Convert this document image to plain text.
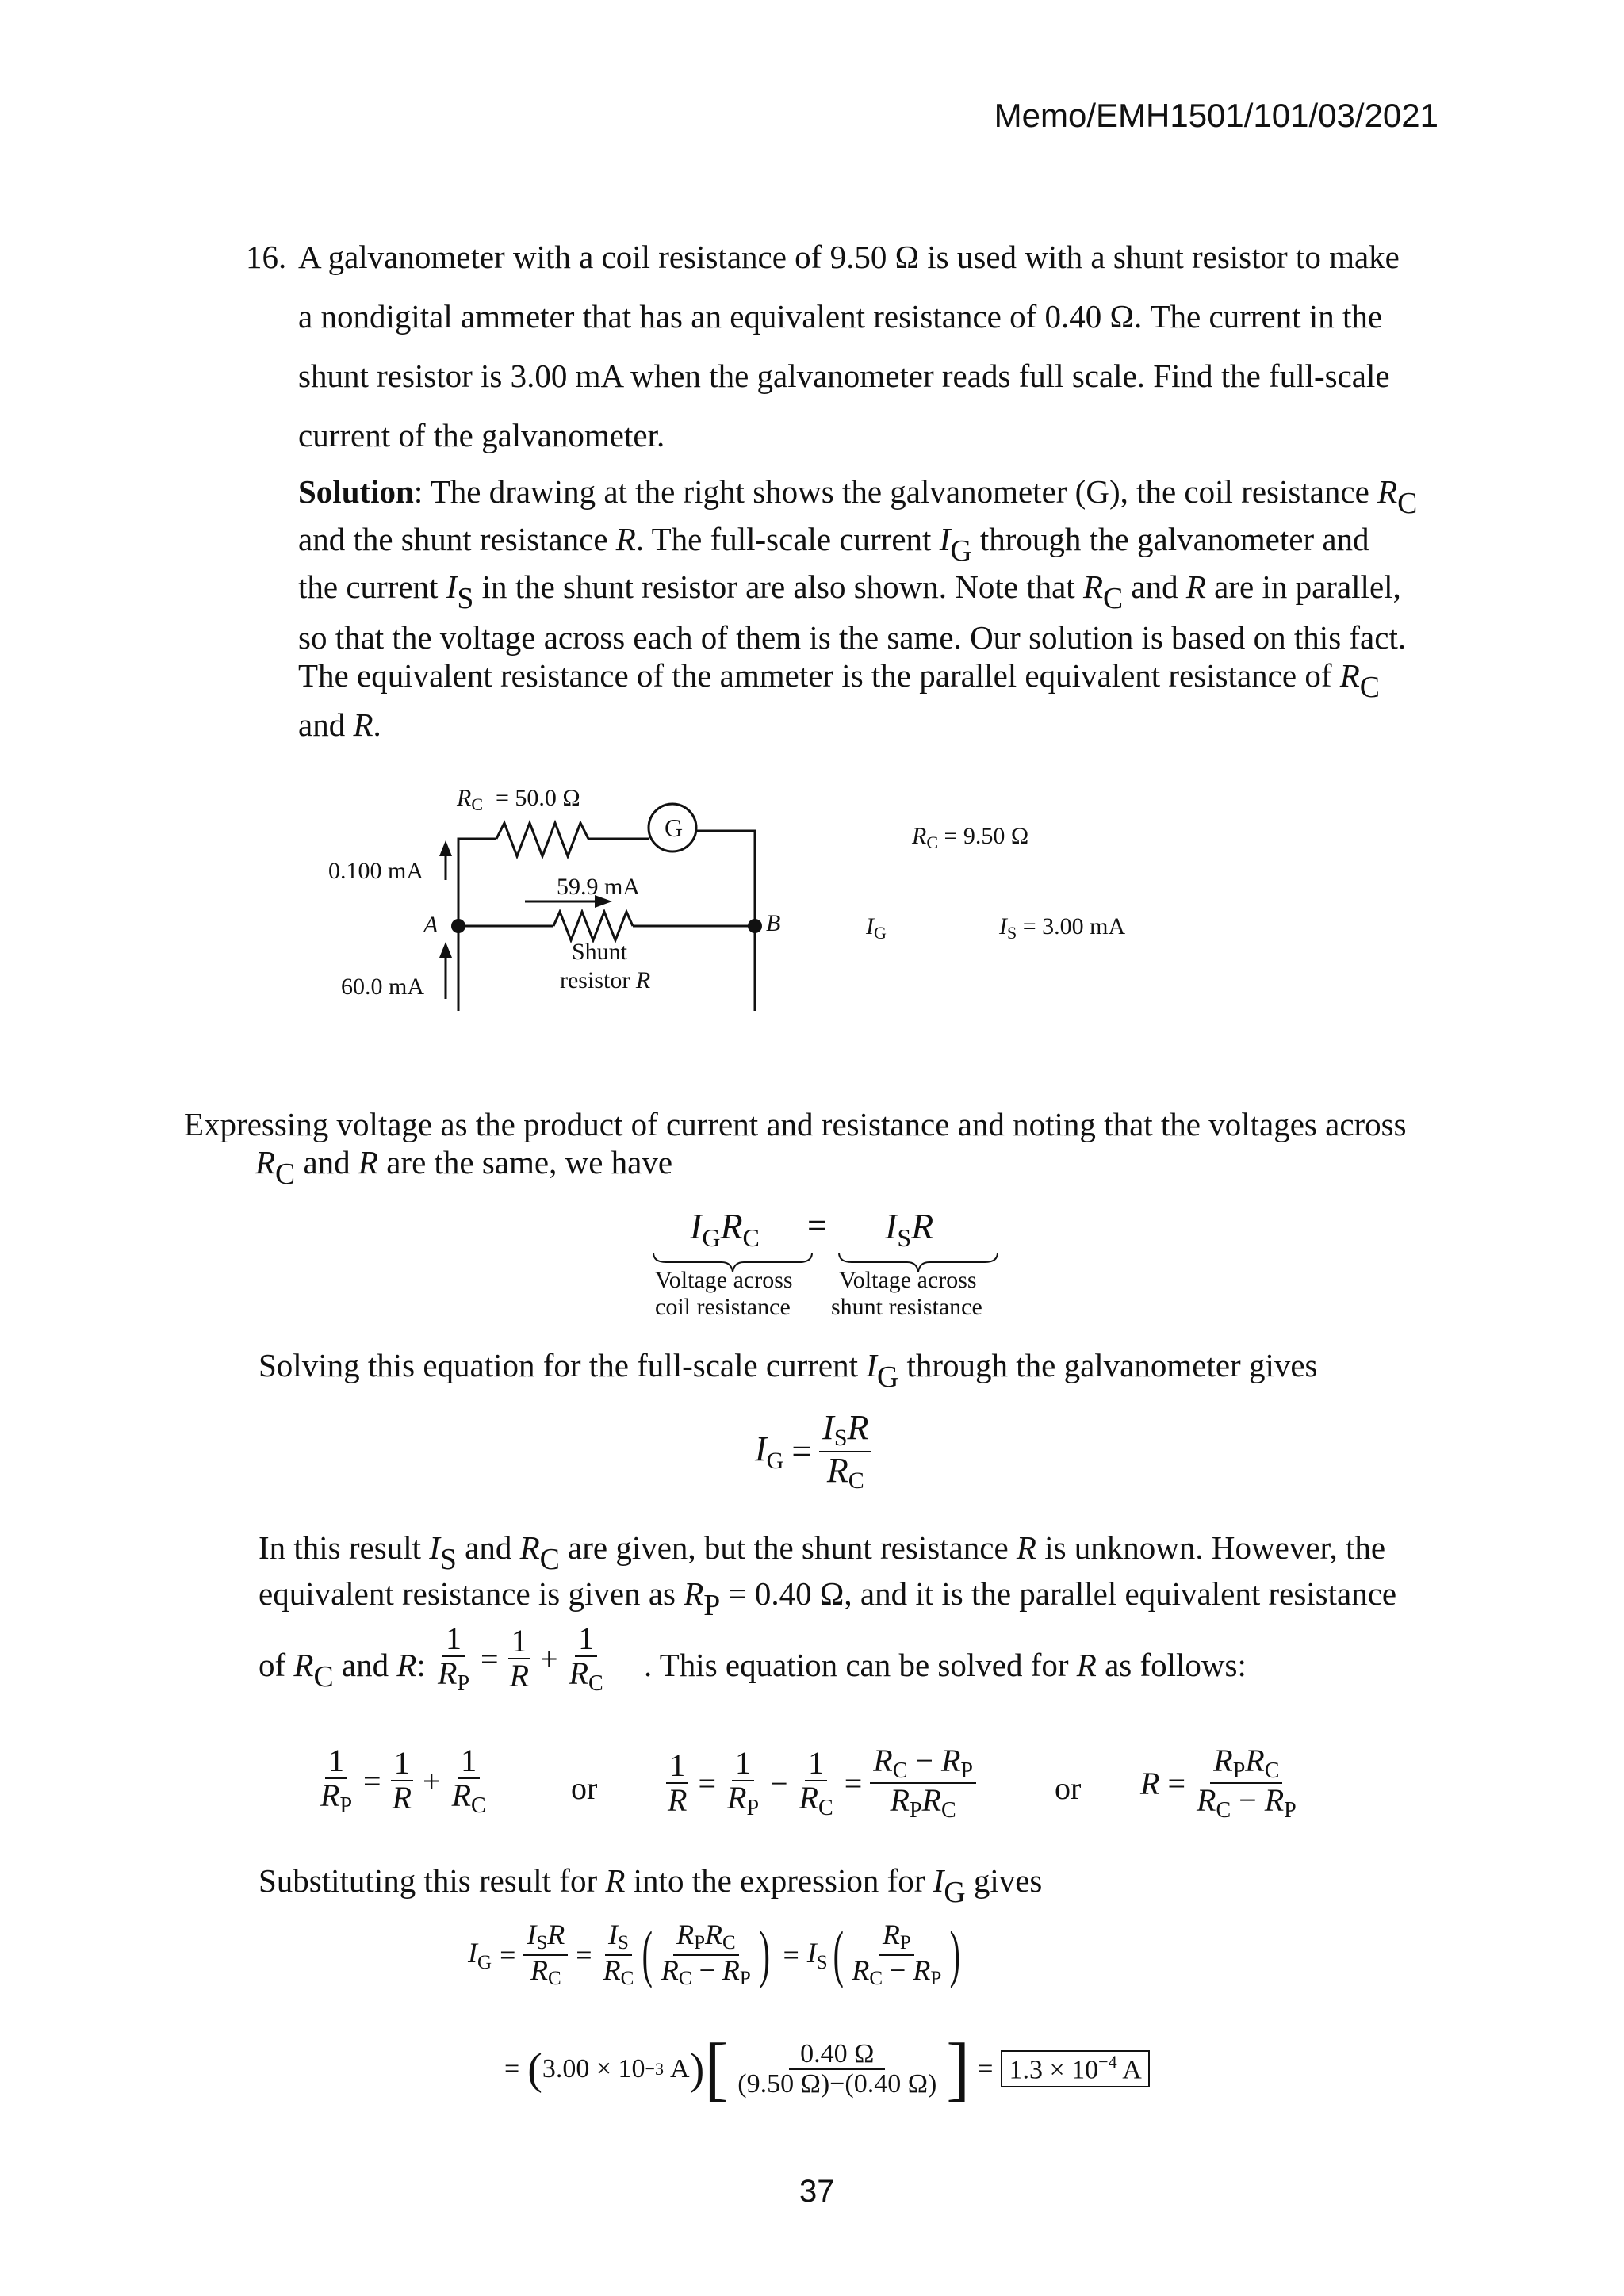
Memo/EMH1501/101/03/2021
16. A galvanometer with a coil resistance of 9.50 Ω is used with a shunt resistor to make
a nondigital ammeter that has an equivalent resistance of 0.40 Ω. The current in the
shunt resistor is 3.00 mA when the galvanometer reads full scale. Find the full-scale
current of the galvanometer.
Solution: The drawing at the right shows the galvanometer (G), the coil resistance RC
and the shunt resistance R. The full-scale current IG through the galvanometer and
the current IS in the shunt resistor are also shown. Note that RC and R are in parallel,
so that the voltage across each of them is the same. Our solution is based on this fact.
The equivalent resistance of the ammeter is the parallel equivalent resistance of RC
and R.
$R_C = 50.0$ Ω
G
0.100 mA
59.9 mA
A	B
Shunt
resistor R
60.0 mA
$R_C = 9.50$ Ω
$I_G$	$I_S = 3.00$ mA
Expressing voltage as the product of current and resistance and noting that the voltages across
RC and R are the same, we have
$I_GR_C = I_SR$
Voltage across
coil resistance
Voltage across
shunt resistance
Solving this equation for the full-scale current IG through the galvanometer gives
$I_G = \frac{\text{ISR}}{RC}$
In this result IS and RC are given, but the shunt resistance R is unknown. However, the
equivalent resistance is given as RP = 0.40 Ω, and it is the parallel equivalent resistance
of RC and R: $\frac{1}{R_P} = \frac{1}{R} + \frac{1}{R_C}$ . This equation can be solved for R as follows:
$\frac{1}{R_P} = \frac{1}{R} + \frac{1}{R_C}$	or $\frac{1}{R} = \frac{1}{R_P} - \frac{1}{R_C} = \frac{R_C - R_P}{R_PR_C}$ or $R = \frac{R_PR_C}{R_C - R_P}$
Substituting this result for R into the expression for IG gives
$I_G = \frac{\text{ISR}}{RC} = \frac{IS}{RC}$ ( $\frac{\text{RPRC}}{RC - RP}$ ) = $I_S$ ( $\frac{RP}{RC - RP}$ )
= ( 3.00 × 10 −3 A ) [ $\frac{0.40 \Omega}{(9.50 \Omega)-(0.40 \Omega)}$ ] = $1.3 \times 10^{-4}$ A
37
